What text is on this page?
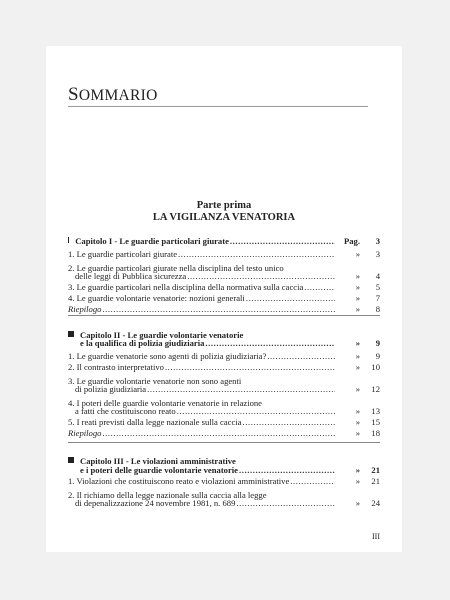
SOMMARIO
Parte prima
LA VIGILANZA VENATORIA
Capitolo I - Le guardie particolari giurate .....	Pag.	3
1. Le guardie particolari giurate .....	»	3
2. Le guardie particolari giurate nella disciplina del testo unico
delle leggi di Pubblica sicurezza .....	»	4
3. Le guardie particolari nella disciplina della normativa sulla caccia .....	»	5
4. Le guardie volontarie venatorie: nozioni generali .....	»	7
Riepilogo .....	»	8
Capitolo II - Le guardie volontarie venatorie
e la qualifica di polizia giudiziaria .....	»	9
1. Le guardie venatorie sono agenti di polizia giudiziaria? .....	»	9
2. Il contrasto interpretativo .....	»	10
3. Le guardie volontarie venatorie non sono agenti
di polizia giudiziaria .....	»	12
4. I poteri delle guardie volontarie venatorie in relazione
a fatti che costituiscono reato .....	»	13
5. I reati previsti dalla legge nazionale sulla caccia .....	»	15
Riepilogo .....	»	18
Capitolo III - Le violazioni amministrative
e i poteri delle guardie volontarie venatorie .....	»	21
1. Violazioni che costituiscono reato e violazioni amministrative .....	»	21
2. Il richiamo della legge nazionale sulla caccia alla legge
di depenalizzazione 24 novembre 1981, n. 689 .....	»	24
III
